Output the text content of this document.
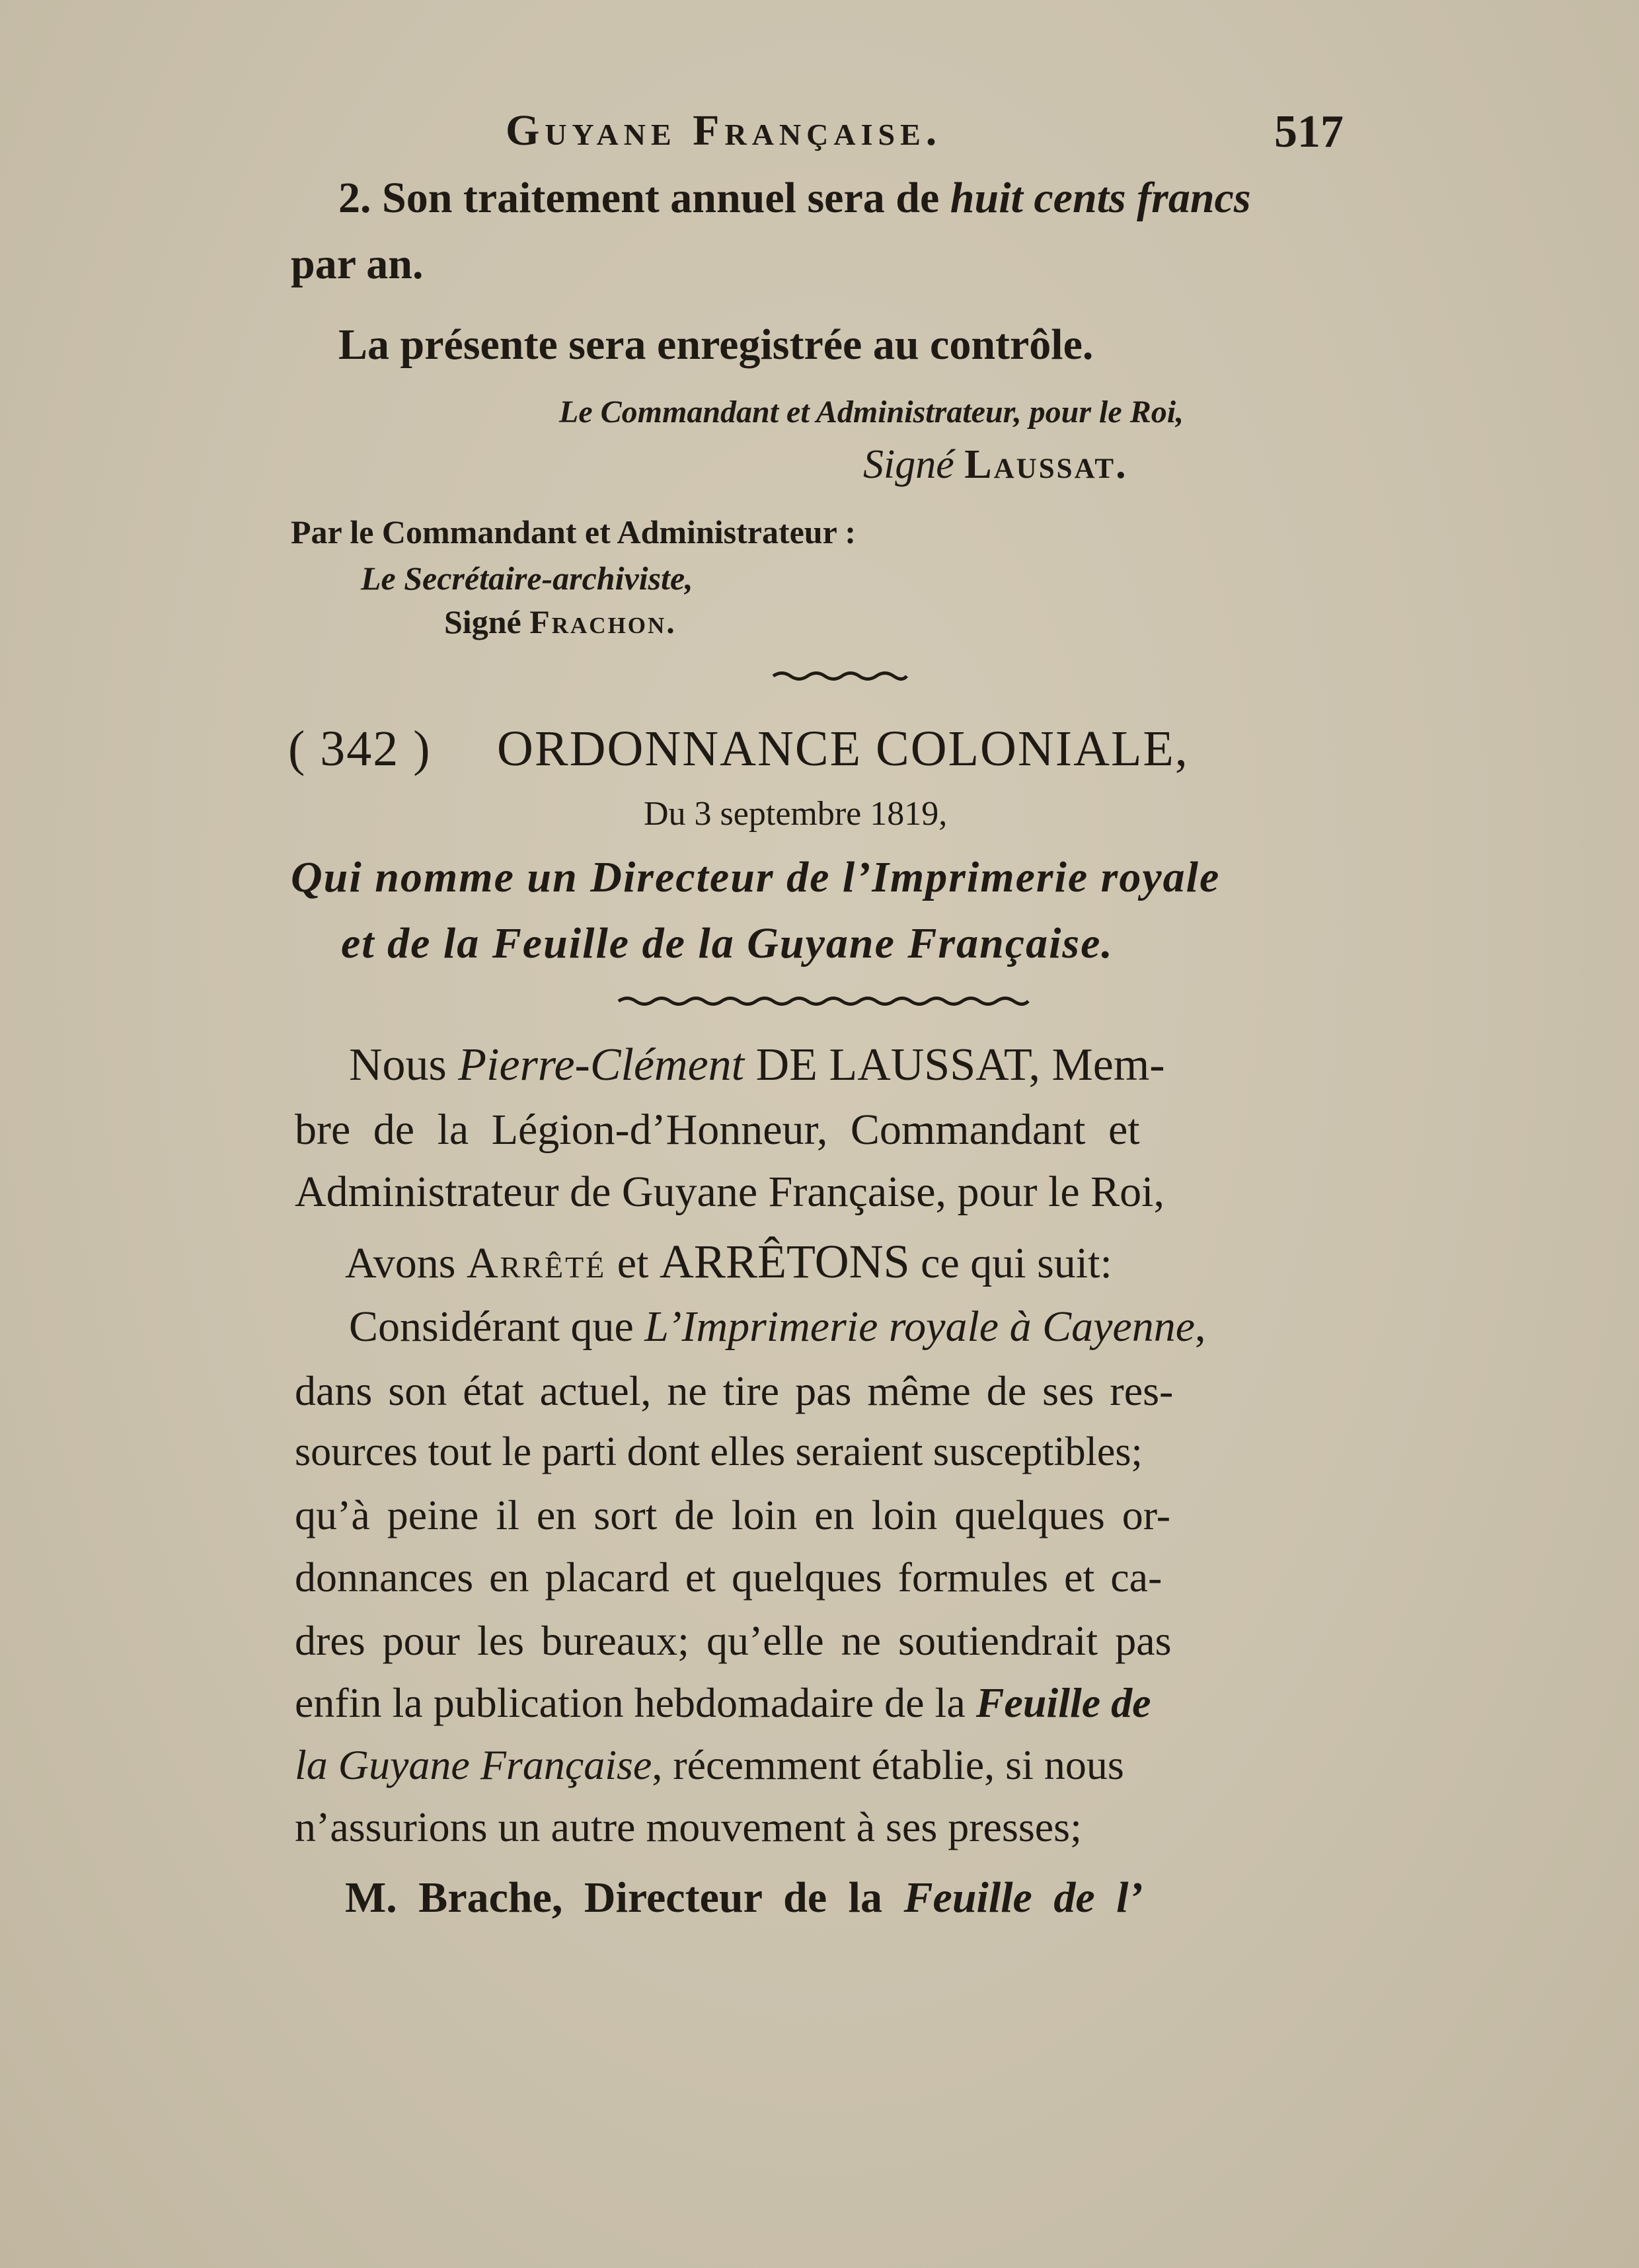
Guyane Française.	517
2. Son traitement annuel sera de huit cents francs
par an.
La présente sera enregistrée au contrôle.
Le Commandant et Administrateur, pour le Roi,
Signé Laussat.
Par le Commandant et Administrateur :
Le Secrétaire-archiviste,
Signé Frachon.
( 342 ) ORDONNANCE COLONIALE,
Du 3 septembre 1819,
Qui nomme un Directeur de l’Imprimerie royale
et de la Feuille de la Guyane Française.
Nous Pierre-Clément DE LAUSSAT, Mem-
bre de la Légion-d’Honneur, Commandant et
Administrateur de Guyane Française, pour le Roi,
Avons Arrêté et ARRÊTONS ce qui suit:
Considérant que L’Imprimerie royale à Cayenne,
dans son état actuel, ne tire pas même de ses res-
sources tout le parti dont elles seraient susceptibles;
qu’à peine il en sort de loin en loin quelques or-
donnances en placard et quelques formules et ca-
dres pour les bureaux; qu’elle ne soutiendrait pas
enfin la publication hebdomadaire de la Feuille de
la Guyane Française, récemment établie, si nous
n’assurions un autre mouvement à ses presses;
M. Brache, Directeur de la Feuille de l’
